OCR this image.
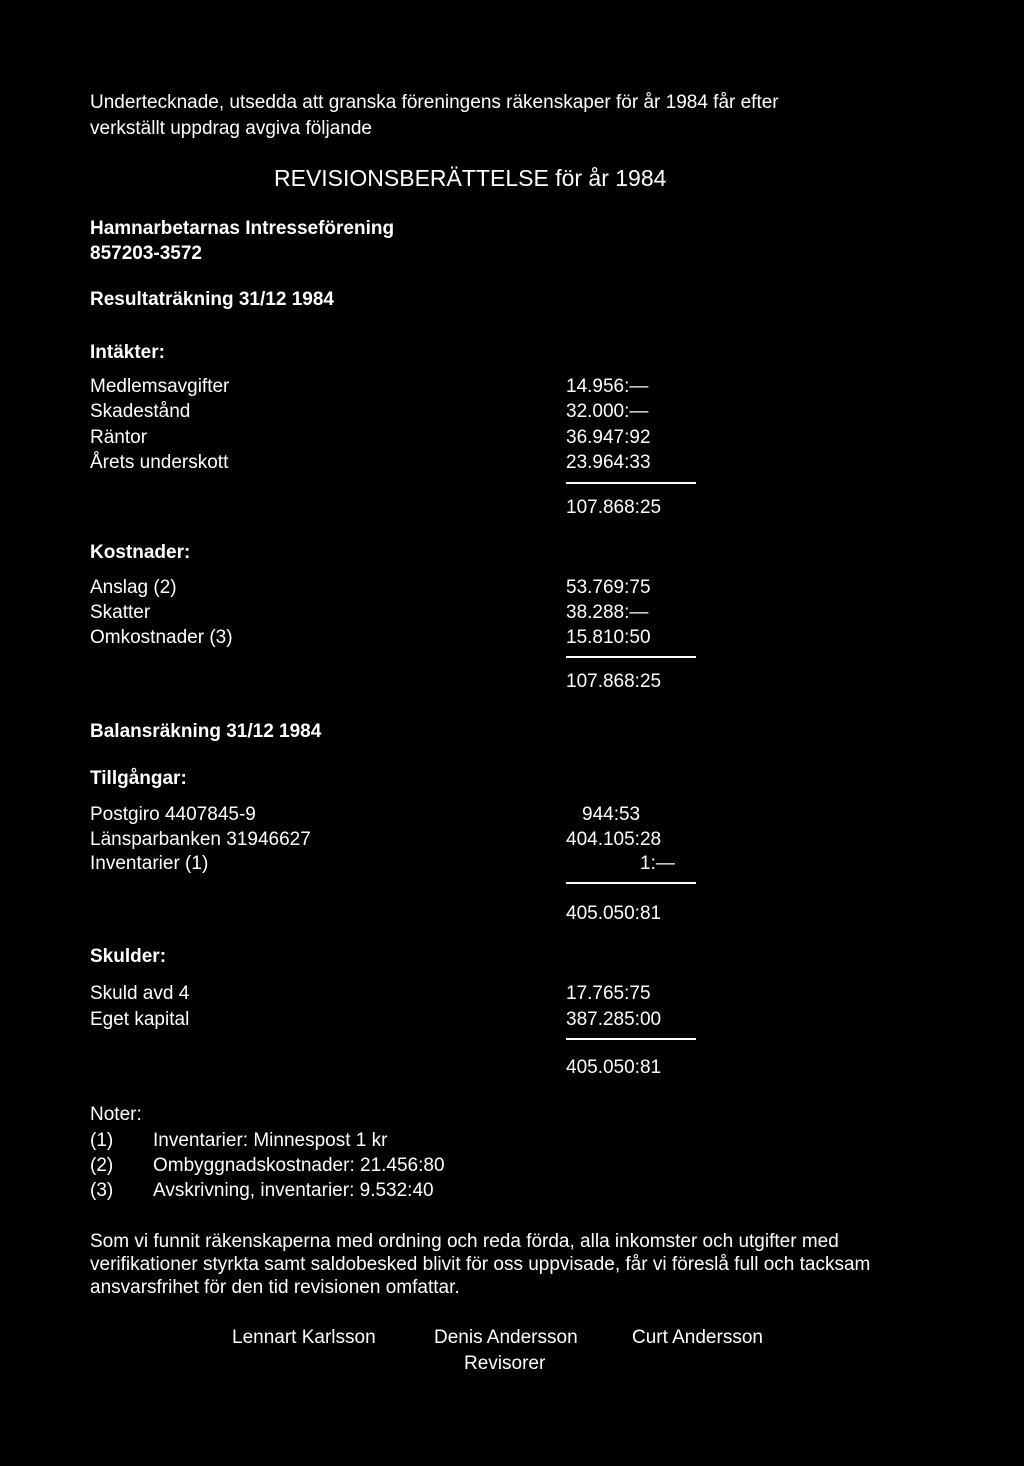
Undertecknade, utsedda att granska föreningens räkenskaper för år 1984 får efter
verkställt uppdrag avgiva följande
REVISIONSBERÄTTELSE för år 1984
Hamnarbetarnas Intresseförening
857203-3572
Resultaträkning 31/12 1984
Intäkter:
Medlemsavgifter	14.956:—
Skadestånd	32.000:—
Räntor	36.947:92
Årets underskott	23.964:33
107.868:25
Kostnader:
Anslag (2)	53.769:75
Skatter	38.288:—
Omkostnader (3)	15.810:50
107.868:25
Balansräkning 31/12 1984
Tillgångar:
Postgiro 4407845-9	944:53
Länsparbanken 31946627	404.105:28
Inventarier (1)	1:—
405.050:81
Skulder:
Skuld avd 4	17.765:75
Eget kapital	387.285:00
405.050:81
Noter:
(1) Inventarier: Minnespost 1 kr
(2) Ombyggnadskostnader: 21.456:80
(3) Avskrivning, inventarier: 9.532:40
Som vi funnit räkenskaperna med ordning och reda förda, alla inkomster och utgifter med verifikationer styrkta samt saldobesked blivit för oss uppvisade, får vi föreslå full och tacksam ansvarsfrihet för den tid revisionen omfattar.
Lennart Karlsson	Denis Andersson	Curt Andersson
Revisorer
